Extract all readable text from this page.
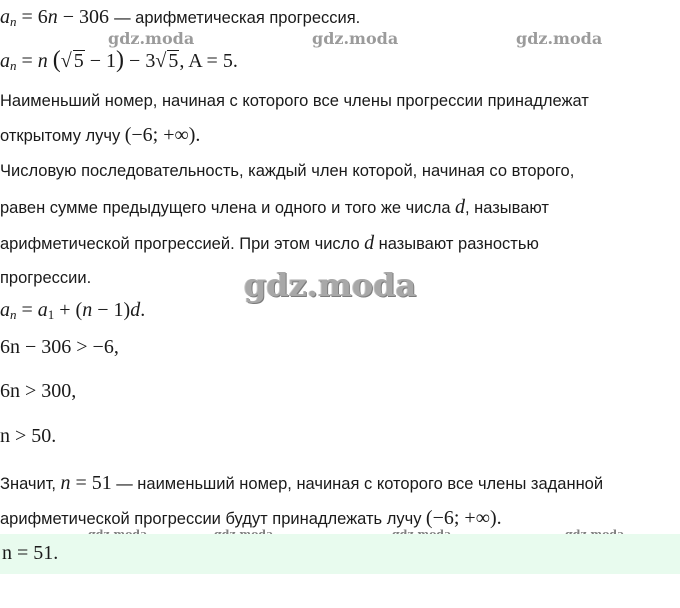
gdz.moda	gdz.moda	gdz.moda
gdz.moda
$a_n = 6n - 306$ — арифметическая прогрессия.
$a_n = n$ (√ 5 − 1) − 3√ 5, A = 5.
Наименьший номер, начиная с которого все члены прогрессии принадлежат
открытому лучу (−6; +∞).
Числовую последовательность, каждый член которой, начиная со второго,
равен сумме предыдущего члена и одного и того же числа d, называют
арифметической прогрессией. При этом число d называют разностью
прогрессии.
$a_n = a_1 + (n - 1)d$.
6n − 306 > −6,
6n > 300,
n > 50.
Значит, n = 51 — наименьший номер, начиная с которого все члены заданной
арифметической прогрессии будут принадлежать лучу (−6; +∞).
n = 51.
